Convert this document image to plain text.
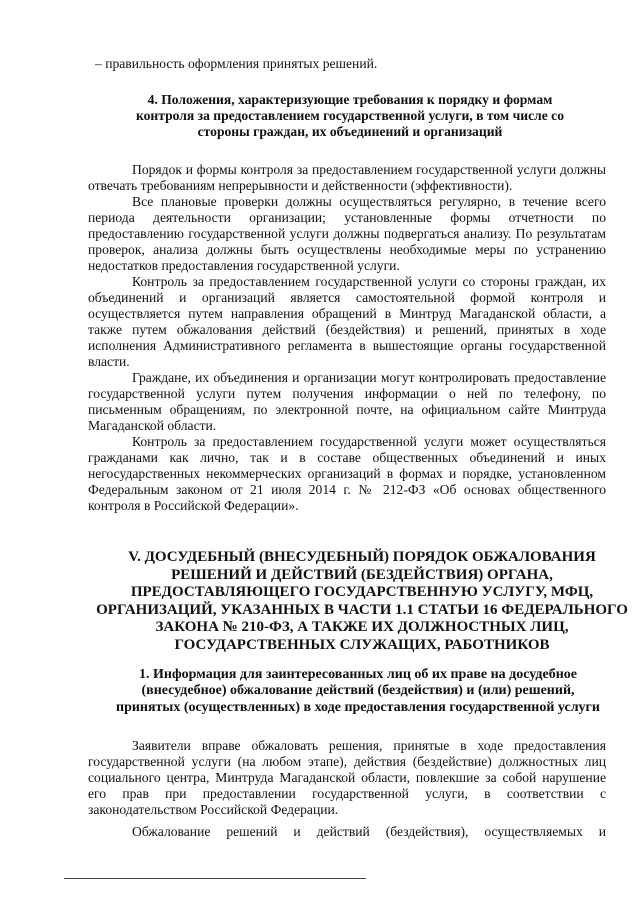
– правильность оформления принятых решений.
4. Положения, характеризующие требования к порядку и формам контроля за предоставлением государственной услуги, в том числе со стороны граждан, их объединений и организаций
Порядок и формы контроля за предоставлением государственной услуги должны отвечать требованиям непрерывности и действенности (эффективности).
Все плановые проверки должны осуществляться регулярно, в течение всего периода деятельности организации; установленные формы отчетности по предоставлению государственной услуги должны подвергаться анализу. По результатам проверок, анализа должны быть осуществлены необходимые меры по устранению недостатков предоставления государственной услуги.
Контроль за предоставлением государственной услуги со стороны граждан, их объединений и организаций является самостоятельной формой контроля и осуществляется путем направления обращений в Минтруд Магаданской области, а также путем обжалования действий (бездействия) и решений, принятых в ходе исполнения Административного регламента в вышестоящие органы государственной власти.
Граждане, их объединения и организации могут контролировать предоставление государственной услуги путем получения информации о ней по телефону, по письменным обращениям, по электронной почте, на официальном сайте Минтруда Магаданской области.
Контроль за предоставлением государственной услуги может осуществляться гражданами как лично, так и в составе общественных объединений и иных негосударственных некоммерческих организаций в формах и порядке, установленном Федеральным законом от 21 июля 2014 г. № 212-ФЗ «Об основах общественного контроля в Российской Федерации».
V. ДОСУДЕБНЫЙ (ВНЕСУДЕБНЫЙ) ПОРЯДОК ОБЖАЛОВАНИЯ РЕШЕНИЙ И ДЕЙСТВИЙ (БЕЗДЕЙСТВИЯ) ОРГАНА, ПРЕДОСТАВЛЯЮЩЕГО ГОСУДАРСТВЕННУЮ УСЛУГУ, МФЦ, ОРГАНИЗАЦИЙ, УКАЗАННЫХ В ЧАСТИ 1.1 СТАТЬИ 16 ФЕДЕРАЛЬНОГО ЗАКОНА № 210-ФЗ, А ТАКЖЕ ИХ ДОЛЖНОСТНЫХ ЛИЦ, ГОСУДАРСТВЕННЫХ СЛУЖАЩИХ, РАБОТНИКОВ
1. Информация для заинтересованных лиц об их праве на досудебное (внесудебное) обжалование действий (бездействия) и (или) решений, принятых (осуществленных) в ходе предоставления государственной услуги
Заявители вправе обжаловать решения, принятые в ходе предоставления государственной услуги (на любом этапе), действия (бездействие) должностных лиц социального центра, Минтруда Магаданской области, повлекшие за собой нарушение его прав при предоставлении государственной услуги, в соответствии с законодательством Российской Федерации.
Обжалование решений и действий (бездействия), осуществляемых и
